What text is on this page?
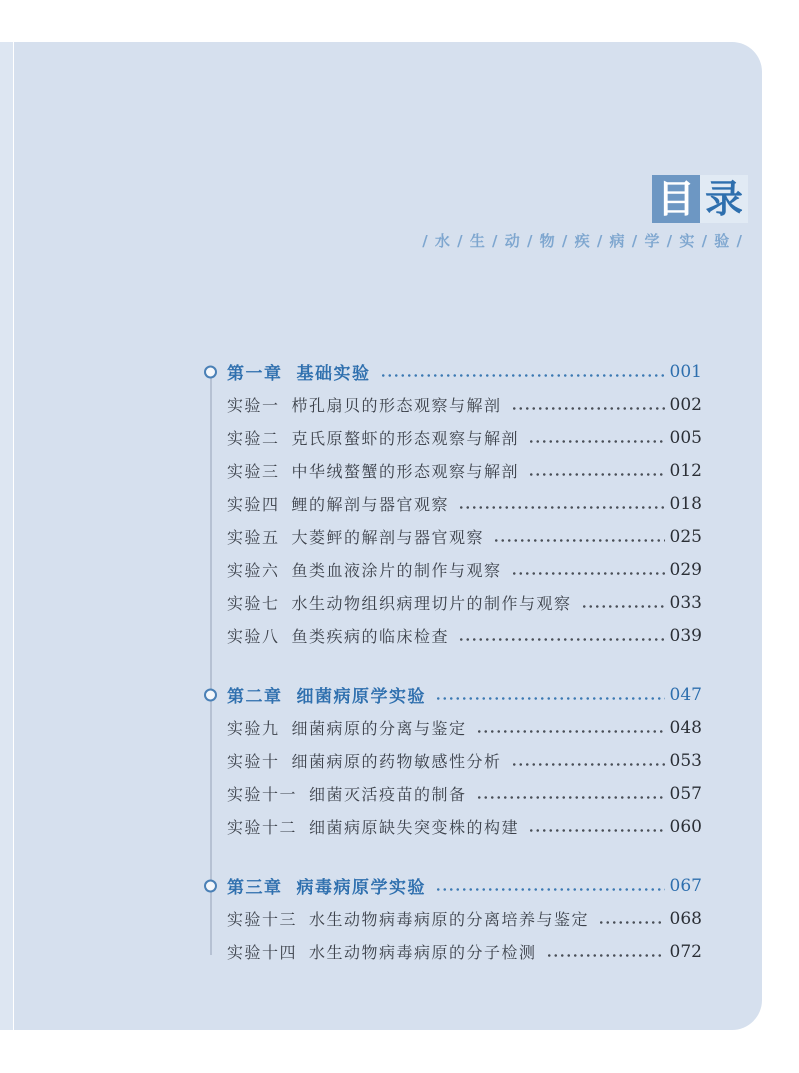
目 录
/ 水 / 生 / 动 / 物 / 疾 / 病 / 学 / 实 / 验 /
第一章 基础实验	001
实验一 栉孔扇贝的形态观察与解剖	002
实验二 克氏原螯虾的形态观察与解剖	005
实验三 中华绒螯蟹的形态观察与解剖	012
实验四 鲤的解剖与器官观察	018
实验五 大菱鲆的解剖与器官观察	025
实验六 鱼类血液涂片的制作与观察	029
实验七 水生动物组织病理切片的制作与观察	033
实验八 鱼类疾病的临床检查	039
第二章 细菌病原学实验	047
实验九 细菌病原的分离与鉴定	048
实验十 细菌病原的药物敏感性分析	053
实验十一 细菌灭活疫苗的制备	057
实验十二 细菌病原缺失突变株的构建	060
第三章 病毒病原学实验	067
实验十三 水生动物病毒病原的分离培养与鉴定	068
实验十四 水生动物病毒病原的分子检测	072
